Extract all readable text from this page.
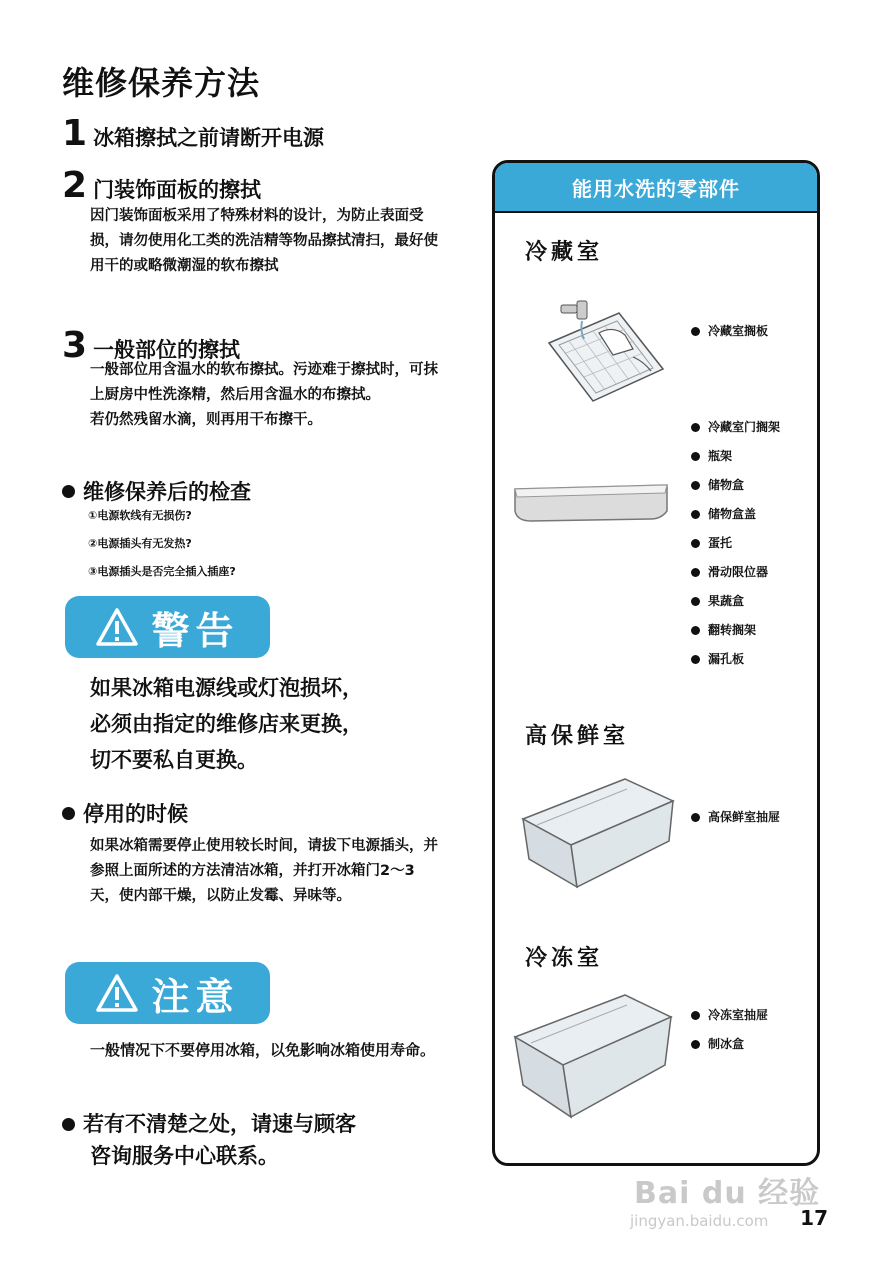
维修保养方法
1 冰箱擦拭之前请断开电源
2 门装饰面板的擦拭

因门装饰面板采用了特殊材料的设计，为防止表面受损，请勿使用化工类的洗洁精等物品擦拭清扫，最好使用干的或略微潮湿的软布擦拭

3 一般部位的擦拭

一般部位用含温水的软布擦拭。污迹难于擦拭时，可抹上厨房中性洗涤精，然后用含温水的布擦拭。

若仍然残留水滴，则再用干布擦干。

维修保养后的检查
①电源软线有无损伤?
②电源插头有无发热?
③电源插头是否完全插入插座?
警告
如果冰箱电源线或灯泡损坏，
必须由指定的维修店来更换，
切不要私自更换。
停用的时候

如果冰箱需要停止使用较长时间，请拔下电源插头，并参照上面所述的方法清洁冰箱，并打开冰箱门2～3天，使内部干燥，以防止发霉、异味等。

注意

一般情况下不要停用冰箱，以免影响冰箱使用寿命。

若有不清楚之处，请速与顾客
咨询服务中心联系。
能用水洗的零部件
冷藏室
冷藏室搁板
冷藏室门搁架
瓶架
储物盒
储物盒盖
蛋托
滑动限位器
果蔬盒
翻转搁架
漏孔板
高保鲜室
高保鲜室抽屉
冷冻室
冷冻室抽屉
制冰盒
Bai du 经验
jingyan.baidu.com 17
